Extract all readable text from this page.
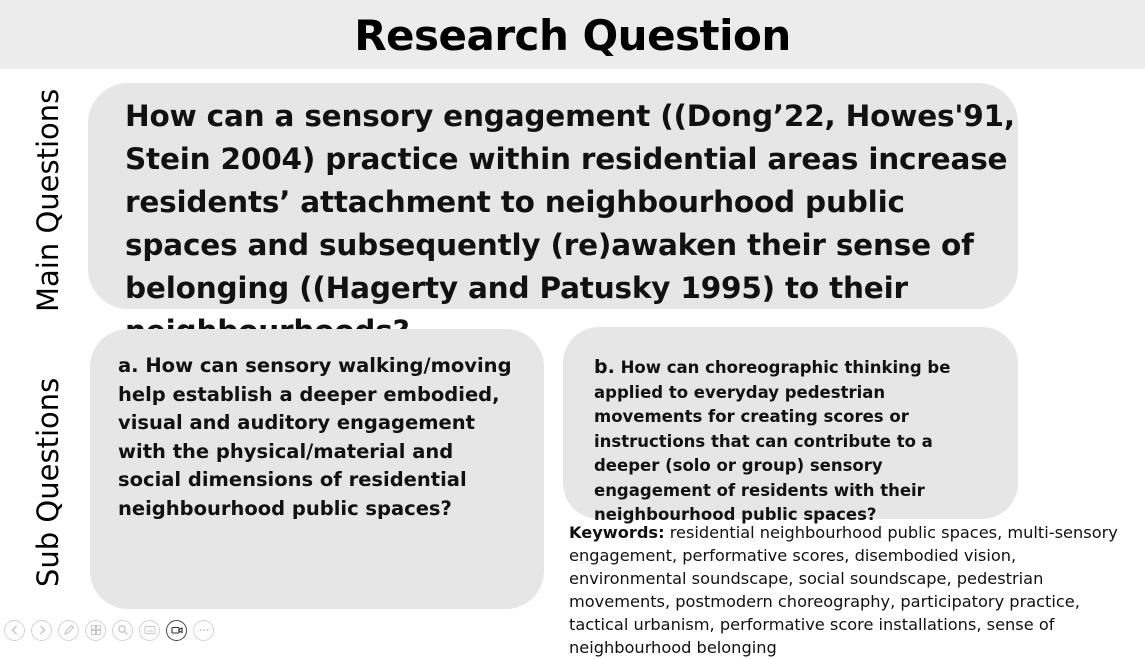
Research Question
Main Questions
Sub Questions
How can a sensory engagement ((Dong’22, Howes'91, Stein 2004) practice within residential areas increase residents’ attachment to neighbourhood public spaces and subsequently (re)awaken their sense of belonging ((Hagerty and Patusky 1995) to their
a. How can sensory walking/moving help establish a deeper embodied, visual and auditory engagement with the physical/material and social dimensions of residential neighbourhood public spaces?
b. How can choreographic thinking be applied to everyday pedestrian movements for creating scores or instructions that can contribute to a deeper (solo or group) sensory engagement of residents with their neighbourhood public spaces?
Keywords: residential neighbourhood public spaces, multi-sensory engagement, performative scores, disembodied vision, environmental soundscape, social soundscape, pedestrian movements, postmodern choreography, participatory practice, tactical urbanism, performative score installations, sense of neighbourhood belonging
